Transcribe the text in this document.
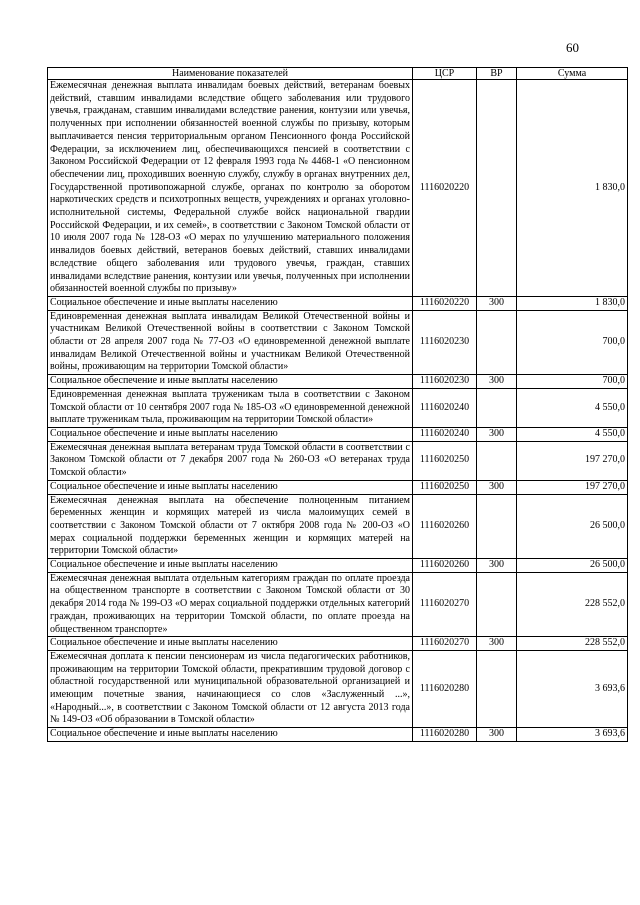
60
Наименование показателей	ЦСР	ВР	Сумма
Ежемесячная денежная выплата инвалидам боевых действий, ветеранам боевых действий, ставшим инвалидами вследствие общего заболевания или трудового увечья, гражданам, ставшим инвалидами вследствие ранения, контузии или увечья, полученных при исполнении обязанностей военной службы по призыву, которым выплачивается пенсия территориальным органом Пенсионного фонда Российской Федерации, за исключением лиц, обеспечивающихся пенсией в соответствии с Законом Российской Федерации от 12 февраля 1993 года № 4468-1 «О пенсионном обеспечении лиц, проходивших военную службу, службу в органах внутренних дел, Государственной противопожарной службе, органах по контролю за оборотом наркотических средств и психотропных веществ, учреждениях и органах уголовно-исполнительной системы, Федеральной службе войск национальной гвардии Российской Федерации, и их семей», в соответствии с Законом Томской области от 10 июля 2007 года № 128-ОЗ «О мерах по улучшению материального положения инвалидов боевых действий, ветеранов боевых действий, ставших инвалидами вследствие общего заболевания или трудового увечья, граждан, ставших инвалидами вследствие ранения, контузии или увечья, полученных при исполнении обязанностей военной службы по призыву»	1116020220		1 830,0
Социальное обеспечение и иные выплаты населению	1116020220	300	1 830,0
Единовременная денежная выплата инвалидам Великой Отечественной войны и участникам Великой Отечественной войны в соответствии с Законом Томской области от 28 апреля 2007 года № 77-ОЗ «О единовременной денежной выплате инвалидам Великой Отечественной войны и участникам Великой Отечественной войны, проживающим на территории Томской области»	1116020230		700,0
Социальное обеспечение и иные выплаты населению	1116020230	300	700,0
Единовременная денежная выплата труженикам тыла в соответствии с Законом Томской области от 10 сентября 2007 года № 185-ОЗ «О единовременной денежной выплате труженикам тыла, проживающим на территории Томской области»	1116020240		4 550,0
Социальное обеспечение и иные выплаты населению	1116020240	300	4 550,0
Ежемесячная денежная выплата ветеранам труда Томской области в соответствии с Законом Томской области от 7 декабря 2007 года № 260-ОЗ «О ветеранах труда Томской области»	1116020250		197 270,0
Социальное обеспечение и иные выплаты населению	1116020250	300	197 270,0
Ежемесячная денежная выплата на обеспечение полноценным питанием беременных женщин и кормящих матерей из числа малоимущих семей в соответствии с Законом Томской области от 7 октября 2008 года № 200-ОЗ «О мерах социальной поддержки беременных женщин и кормящих матерей на территории Томской области»	1116020260		26 500,0
Социальное обеспечение и иные выплаты населению	1116020260	300	26 500,0
Ежемесячная денежная выплата отдельным категориям граждан по оплате проезда на общественном транспорте в соответствии с Законом Томской области от 30 декабря 2014 года № 199-ОЗ «О мерах социальной поддержки отдельных категорий граждан, проживающих на территории Томской области, по оплате проезда на общественном транспорте»	1116020270		228 552,0
Социальное обеспечение и иные выплаты населению	1116020270	300	228 552,0
Ежемесячная доплата к пенсии пенсионерам из числа педагогических работников, проживающим на территории Томской области, прекратившим трудовой договор с областной государственной или муниципальной образовательной организацией и имеющим почетные звания, начинающиеся со слов «Заслуженный ...», «Народный...», в соответствии с Законом Томской области от 12 августа 2013 года № 149-ОЗ «Об образовании в Томской области»	1116020280		3 693,6
Социальное обеспечение и иные выплаты населению	1116020280	300	3 693,6
